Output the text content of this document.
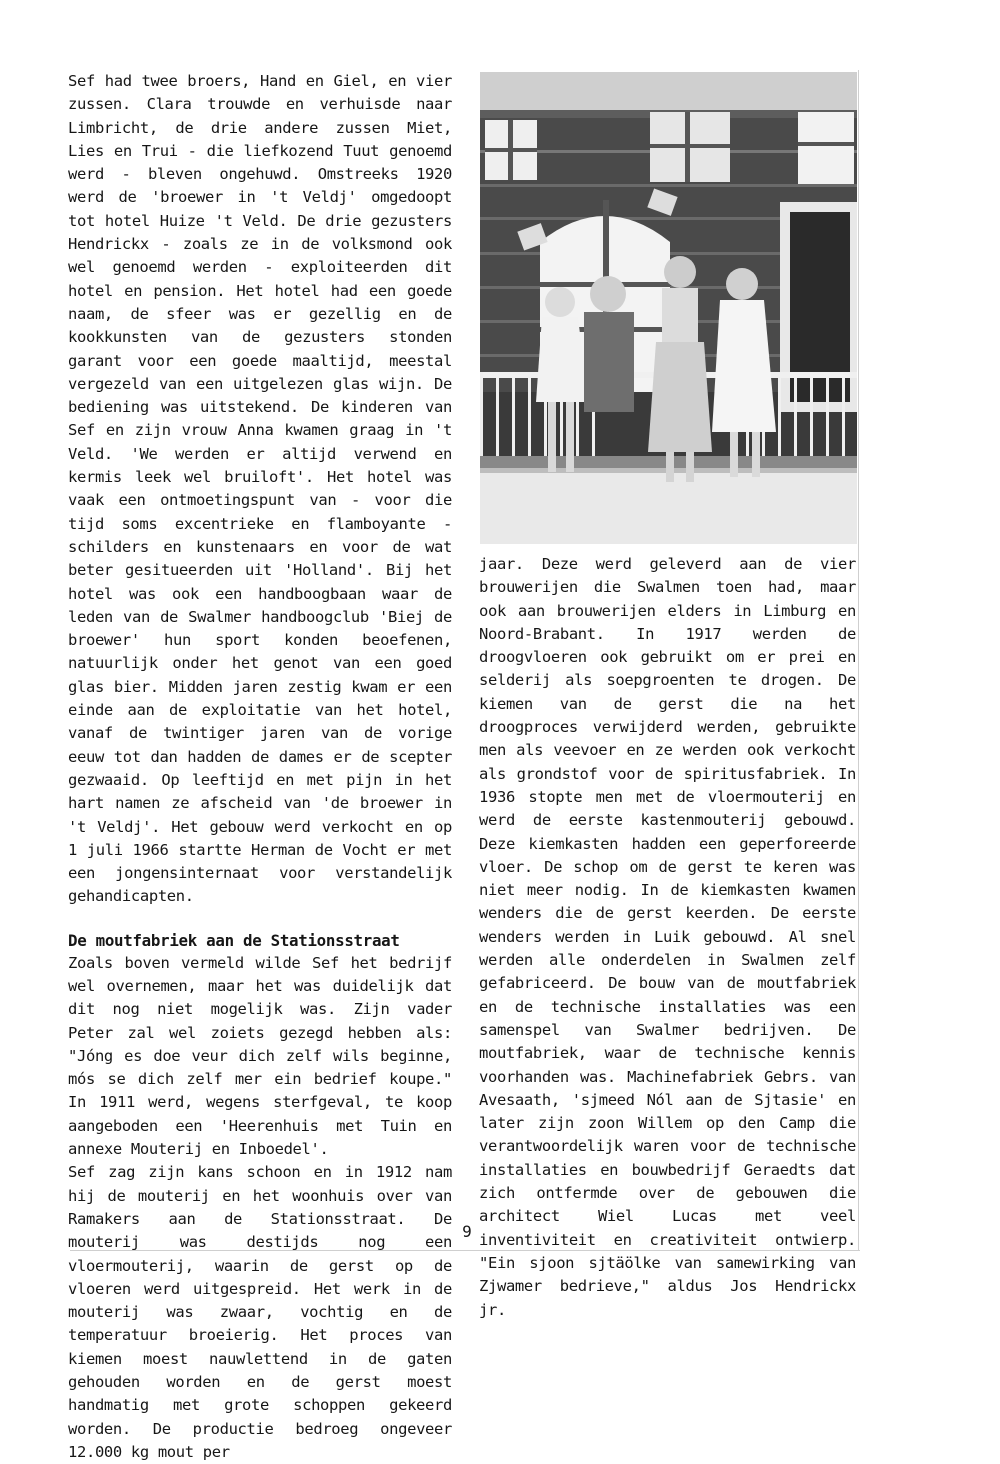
Sef had twee broers, Hand en Giel, en vier zussen. Clara trouwde en verhuisde naar Limbricht, de drie andere zussen Miet, Lies en Trui - die liefkozend Tuut genoemd werd - bleven ongehuwd. Omstreeks 1920 werd de 'broewer in 't Veldj' omgedoopt tot hotel Huize 't Veld. De drie gezusters Hendrickx - zoals ze in de volksmond ook wel genoemd werden - exploiteerden dit hotel en pension. Het hotel had een goede naam, de sfeer was er gezellig en de kookkunsten van de gezusters stonden garant voor een goede maaltijd, meestal vergezeld van een uitgelezen glas wijn. De bediening was uitstekend. De kinderen van Sef en zijn vrouw Anna kwamen graag in 't Veld. 'We werden er altijd verwend en kermis leek wel bruiloft'. Het hotel was vaak een ontmoetingspunt van - voor die tijd soms excentrieke en flamboyante - schilders en kunstenaars en voor de wat beter gesitueerden uit 'Holland'. Bij het hotel was ook een handboogbaan waar de leden van de Swalmer handboogclub 'Biej de broewer' hun sport konden beoefenen, natuurlijk onder het genot van een goed glas bier. Midden jaren zestig kwam er een einde aan de exploitatie van het hotel, vanaf de twintiger jaren van de vorige eeuw tot dan hadden de dames er de scepter gezwaaid. Op leeftijd en met pijn in het hart namen ze afscheid van 'de broewer in 't Veldj'. Het gebouw werd verkocht en op 1 juli 1966 startte Herman de Vocht er met een jongensinternaat voor verstandelijk gehandicapten.

De moutfabriek aan de Stationsstraat

Zoals boven vermeld wilde Sef het bedrijf wel overnemen, maar het was duidelijk dat dit nog niet mogelijk was. Zijn vader Peter zal wel zoiets gezegd hebben als: "Jóng es doe veur dich zelf wils beginne, mós se dich zelf mer ein bedrief koupe." In 1911 werd, wegens sterfgeval, te koop aangeboden een 'Heerenhuis met Tuin en annexe Mouterij en Inboedel'.

Sef zag zijn kans schoon en in 1912 nam hij de mouterij en het woonhuis over van Ramakers aan de Stationsstraat. De mouterij was destijds nog een vloermouterij, waarin de gerst op de vloeren werd uitgespreid. Het werk in de mouterij was zwaar, vochtig en de temperatuur broeierig. Het proces van kiemen moest nauwlettend in de gaten gehouden worden en de gerst moest handmatig met grote schoppen gekeerd worden. De productie bedroeg ongeveer 12.000 kg mout per

jaar. Deze werd geleverd aan de vier brouwerijen die Swalmen toen had, maar ook aan brouwerijen elders in Limburg en Noord-Brabant. In 1917 werden de droogvloeren ook gebruikt om er prei en selderij als soepgroenten te drogen. De kiemen van de gerst die na het droogproces verwijderd werden, gebruikte men als veevoer en ze werden ook verkocht als grondstof voor de spiritusfabriek. In 1936 stopte men met de vloermouterij en werd de eerste kastenmouterij gebouwd. Deze kiemkasten hadden een geperforeerde vloer. De schop om de gerst te keren was niet meer nodig. In de kiemkasten kwamen wenders die de gerst keerden. De eerste wenders werden in Luik gebouwd. Al snel werden alle onderdelen in Swalmen zelf gefabriceerd. De bouw van de moutfabriek en de technische installaties was een samenspel van Swalmer bedrijven. De moutfabriek, waar de technische kennis voorhanden was. Machinefabriek Gebrs. van Avesaath, 'sjmeed Nól aan de Sjtasie' en later zijn zoon Willem op den Camp die verantwoordelijk waren voor de technische installaties en bouwbedrijf Geraedts dat zich ontfermde over de gebouwen die architect Wiel Lucas met veel inventiviteit en creativiteit ontwierp. "Ein sjoon sjtäölke van samewirking van Zjwamer bedrieve," aldus Jos Hendrickx jr.

9
